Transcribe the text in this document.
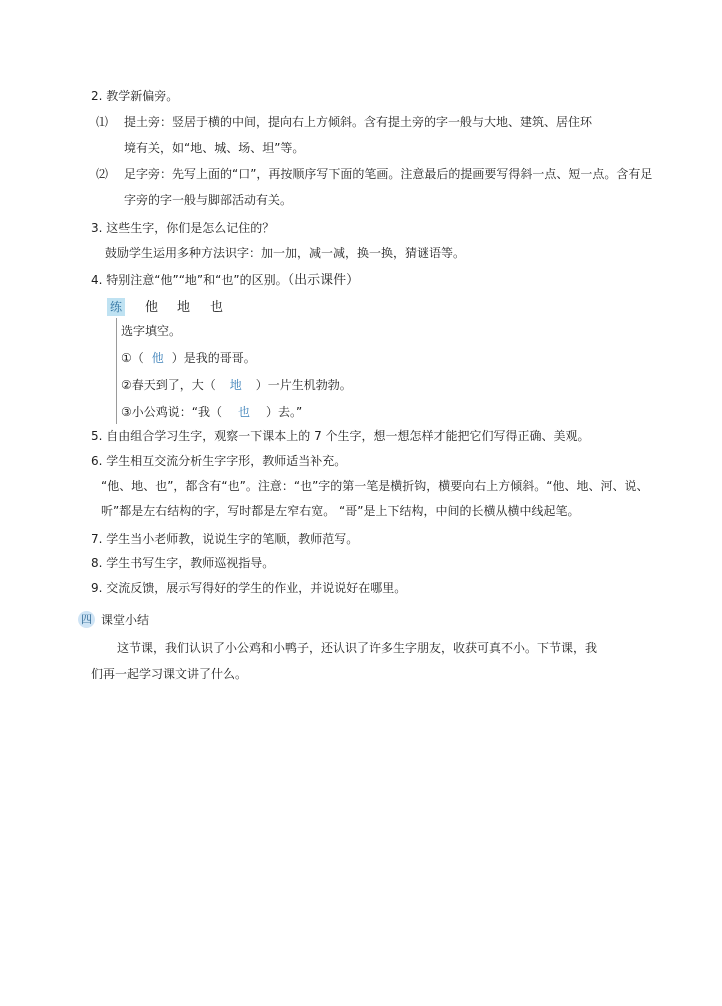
2. 教学新偏旁。
⑴ 提土旁：竖居于横的中间，提向右上方倾斜。含有提土旁的字一般与大地、建筑、居住环
境有关，如“地、城、场、坦”等。
⑵ 足字旁：先写上面的“口”，再按顺序写下面的笔画。注意最后的提画要写得斜一点、短一点。含有足
字旁的字一般与脚部活动有关。
3. 这些生字，你们是怎么记住的？
鼓励学生运用多种方法识字：加一加，减一减，换一换，猜谜语等。
4. 特别注意“他”“地”和“也”的区别。（出示课件）
练 他 地 也
选字填空。
①（ 他 ）是我的哥哥。
②春天到了，大（ 地 ）一片生机勃勃。
③小公鸡说：“我（ 也 ）去。”
5. 自由组合学习生字，观察一下课本上的 7 个生字，想一想怎样才能把它们写得正确、美观。
6. 学生相互交流分析生字字形，教师适当补充。
“他、地、也”，都含有“也”。注意：“也”字的第一笔是横折钩，横要向右上方倾斜。“他、地、河、说、
听”都是左右结构的字，写时都是左窄右宽。 “哥”是上下结构，中间的长横从横中线起笔。
7. 学生当小老师教，说说生字的笔顺，教师范写。
8. 学生书写生字，教师巡视指导。
9. 交流反馈，展示写得好的学生的作业，并说说好在哪里。
四 课堂小结
这节课，我们认识了小公鸡和小鸭子，还认识了许多生字朋友，收获可真不小。下节课，我
们再一起学习课文讲了什么。
